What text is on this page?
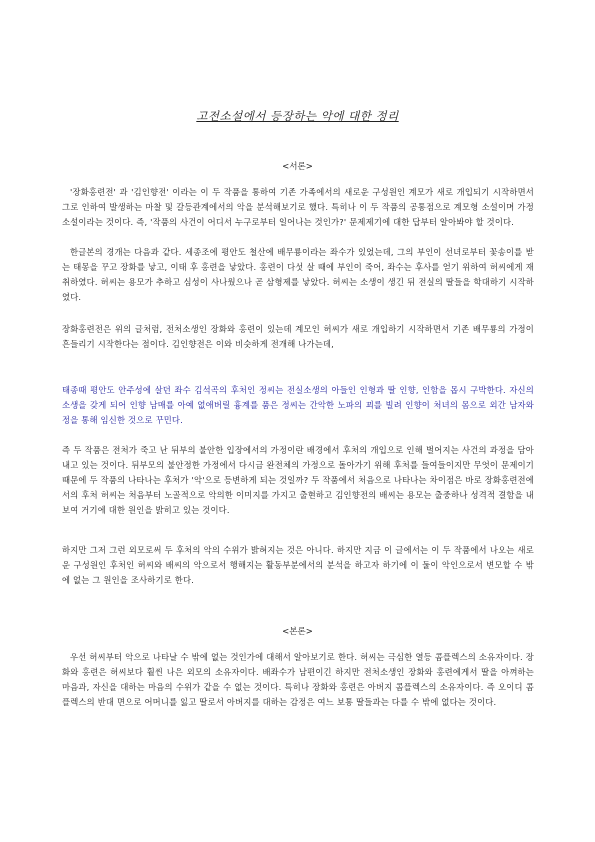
고전소설에서 등장하는 악에 대한 정리
<서론>
'장화홍련전' 과 '김인향전' 이라는 이 두 작품을 통하여 기존 가족에서의 새로운 구성원인 계모가 새로 개입되기 시작하면서 그로 인하여 발생하는 마찰 및 갈등관계에서의 악을 분석해보기로 했다. 특히나 이 두 작품의 공통점으로 계모형 소설이며 가정 소설이라는 것이다. 즉, '작품의 사건이 어디서 누구로부터 일어나는 것인가?' 문제제기에 대한 답부터 알아봐야 할 것이다.
한글본의 경개는 다음과 같다. 세종조에 평안도 철산에 배무룡이라는 좌수가 있었는데, 그의 부인이 선녀로부터 꽃송이를 받는 태몽을 꾸고 장화를 낳고, 이태 후 홍련을 낳았다. 홍련이 다섯 살 때에 부인이 죽어, 좌수는 후사를 얻기 위하여 허씨에게 재취하였다. 허씨는 용모가 추하고 심성이 사나웠으나 곧 삼형제를 낳았다. 허씨는 소생이 생긴 뒤 전실의 딸들을 학대하기 시작하였다.
장화홍련전은 위의 글처럼, 전처소생인 장화와 홍련이 있는데 계모인 허씨가 새로 개입하기 시작하면서 기존 배무룡의 가정이 흔들리기 시작한다는 점이다. 김인향전은 이와 비슷하게 전개해 나가는데,
태종때 평안도 안주성에 살던 좌수 김석곡의 후처인 정씨는 전실소생의 아들인 인형과 딸 인향, 인함을 몹시 구박한다. 자신의 소생을 갖게 되어 인향 남매를 아예 없애버릴 흉계를 품은 정씨는 간악한 노파의 꾀를 빌려 인향이 처녀의 몸으로 외간 남자와 정을 통해 임신한 것으로 꾸민다.
즉 두 작품은 전처가 죽고 난 뒤부의 불안한 입장에서의 가정이란 배경에서 후처의 개입으로 인해 벌어지는 사건의 과정을 담아내고 있는 것이다. 뒤부모의 불안정한 가정에서 다시금 완전체의 가정으로 돌아가기 위해 후처를 들여들이지만 무엇이 문제이기 때문에 두 작품의 나타나는 후처가 '악'으로 등변하게 되는 것일까? 두 작품에서 처음으로 나타나는 차이점은 바로 장화홍련전에서의 후처 허씨는 처음부터 노골적으로 악의한 이미지를 가지고 출현하고 김인향전의 배씨는 용모는 출중하나 성격적 결함을 내보여 거기에 대한 원인을 밝히고 있는 것이다.
하지만 그저 그런 외모로써 두 후처의 악의 수위가 밝혀지는 것은 아니다. 하지만 지금 이 글에서는 이 두 작품에서 나오는 새로운 구성원인 후처인 허씨와 배씨의 악으로서 행해지는 활동부분에서의 분석을 하고자 하기에 이 둘이 악인으로서 변모할 수 밖에 없는 그 원인을 조사하기로 한다.
<본론>
우선 허씨부터 악으로 나타날 수 밖에 없는 것인가에 대해서 알아보기로 한다. 허씨는 극심한 열등 콤플렉스의 소유자이다. 장화와 홍련은 허씨보다 훨씬 나은 외모의 소유자이다. 배좌수가 남편이긴 하지만 전처소생인 장화와 홍련에게서 딸을 아껴하는 마음과, 자신을 대하는 마음의 수위가 같을 수 없는 것이다. 특히나 장화와 홍련은 아버지 콤플렉스의 소유자이다. 즉 오이디 콤플렉스의 반대 면으로 어머니를 잃고 딸로서 아버지를 대하는 감정은 여느 보통 딸들과는 다를 수 밖에 없다는 것이다.
